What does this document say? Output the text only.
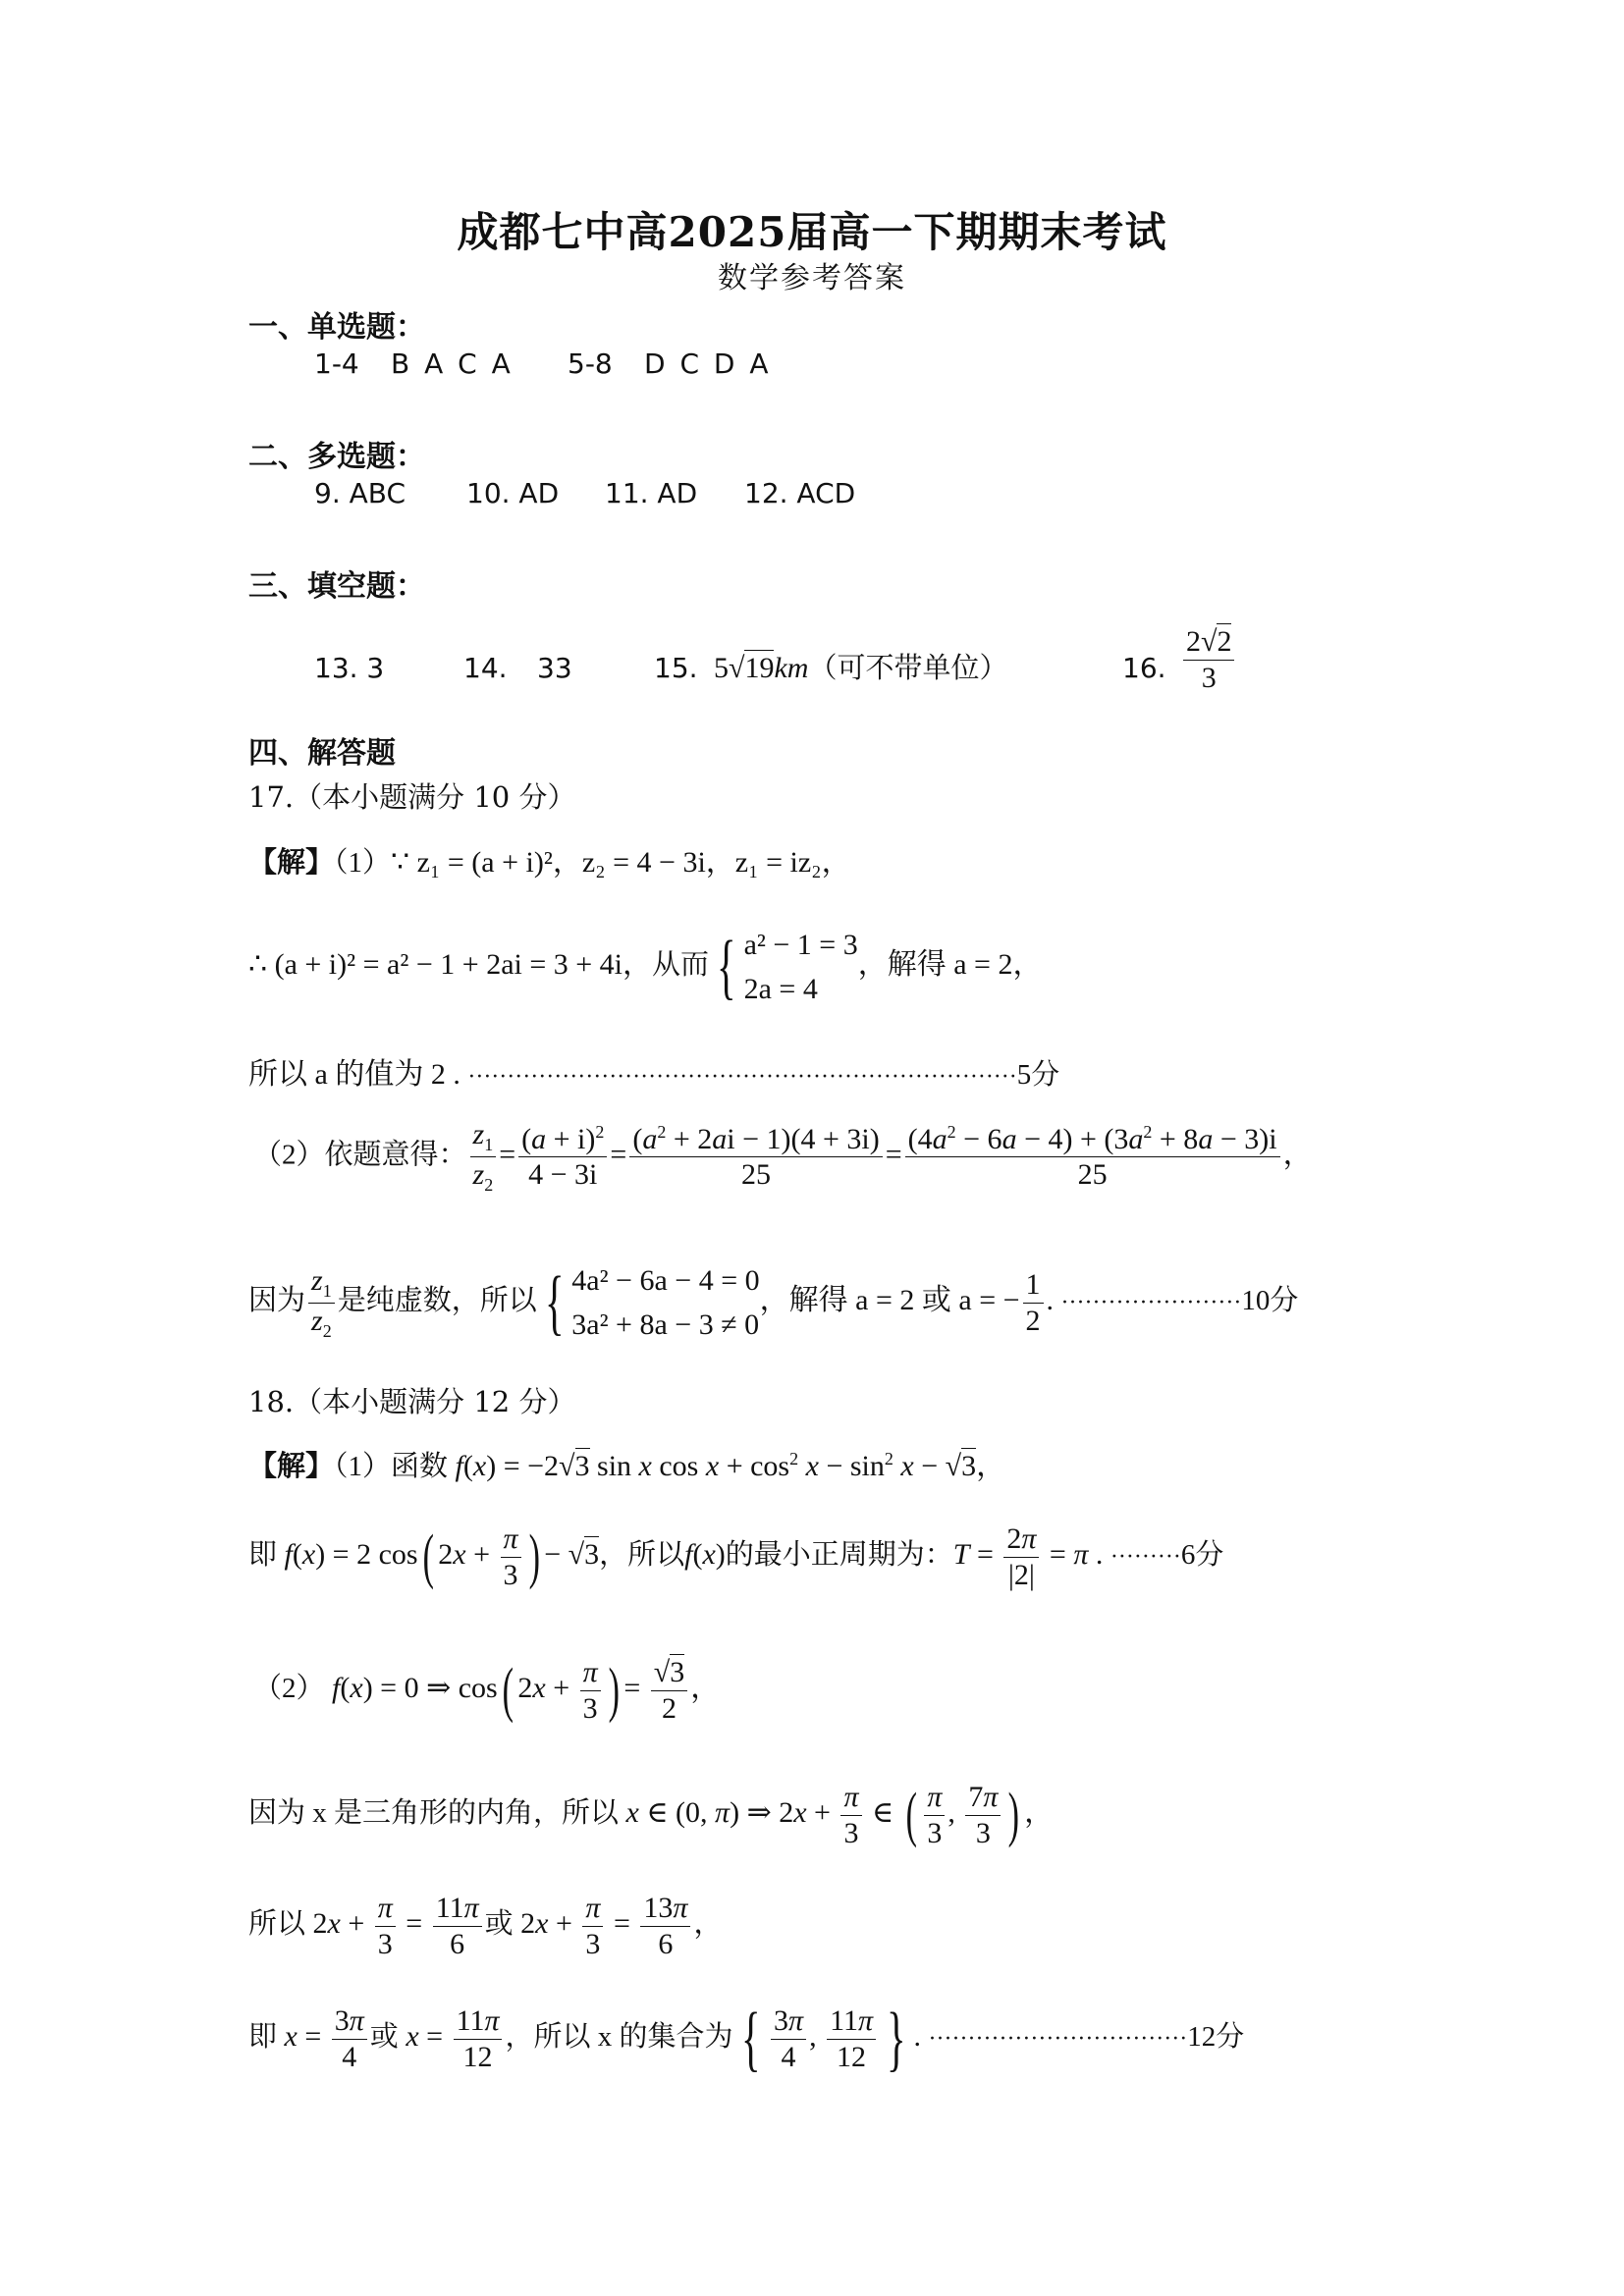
成都七中高2025届高一下期期末考试
数学参考答案
一、单选题：
1-4 B A C A 5-8 D C D A
二、多选题：
9. ABC 10. AD 11. AD 12. ACD
三、填空题：
13. 3	14. 33	15. 5√19km（可不带单位）	16. $\frac{2√2}{3}$
四、解答题
17.（本小题满分 10 分）
【解】（1）∵ z₁ = (a + i)²，z₂ = 4 − 3i，z₁ = iz₂，
∴ (a + i)² = a² − 1 + 2ai = 3 + 4i，从而 { a² − 1 = 3
2a = 4
，解得 a = 2，
所以 a 的值为 2 . ······································································5分
（2）依题意得： $\frac{z_1}{z_2} = \frac{(a + i)^2}{4 - 3i} = \frac{(a^2 + 2ai - 1)(4 + 3i)}{25} = \frac{(4a^2 - 6a - 4) + (3a^2 + 8a - 3)i}{25}$ ，
因为 $\frac{z_1}{z_2}$ 是纯虚数，所以 { 4a² − 6a − 4 = 0
3a² + 8a − 3 ≠ 0
，解得 a = 2 或 a = − $\frac{1}{2}$ . ·······················10分
18.（本小题满分 12 分）
【解】（1）函数 f(x) = −2√3 sin x $\cos x + \cos^2 x - \sin^2 x - √3$，
即 f(x) = 2 cos( $2x + \frac{\pi}{3}$ ) − √3，所以f(x)的最小正周期为：$T = \frac{2\pi}{|2|} = \pi$ . ·········6分
（2） f(x) = 0 ⇒ cos( $2x + \frac{\pi}{3}$ ) = $\frac{√3}{2}$ ，
因为 x 是三角形的内角，所以 x ∈ (0, π) ⇒ $2x + \frac{\pi}{3}$ ∈ ( $\frac{\pi}{3}$ , $\frac{7\pi}{3}$ ) ，
所以 $2x + \frac{\pi}{3} = \frac{11\pi}{6}$ 或 $2x + \frac{\pi}{3} = \frac{13\pi}{6}$ ，
即 $x = \frac{3\pi}{4}$ 或 $x = \frac{11\pi}{12}$ ，所以 x 的集合为 { $\frac{3\pi}{4}$ , $\frac{11\pi}{12}$ } . ·································12分
